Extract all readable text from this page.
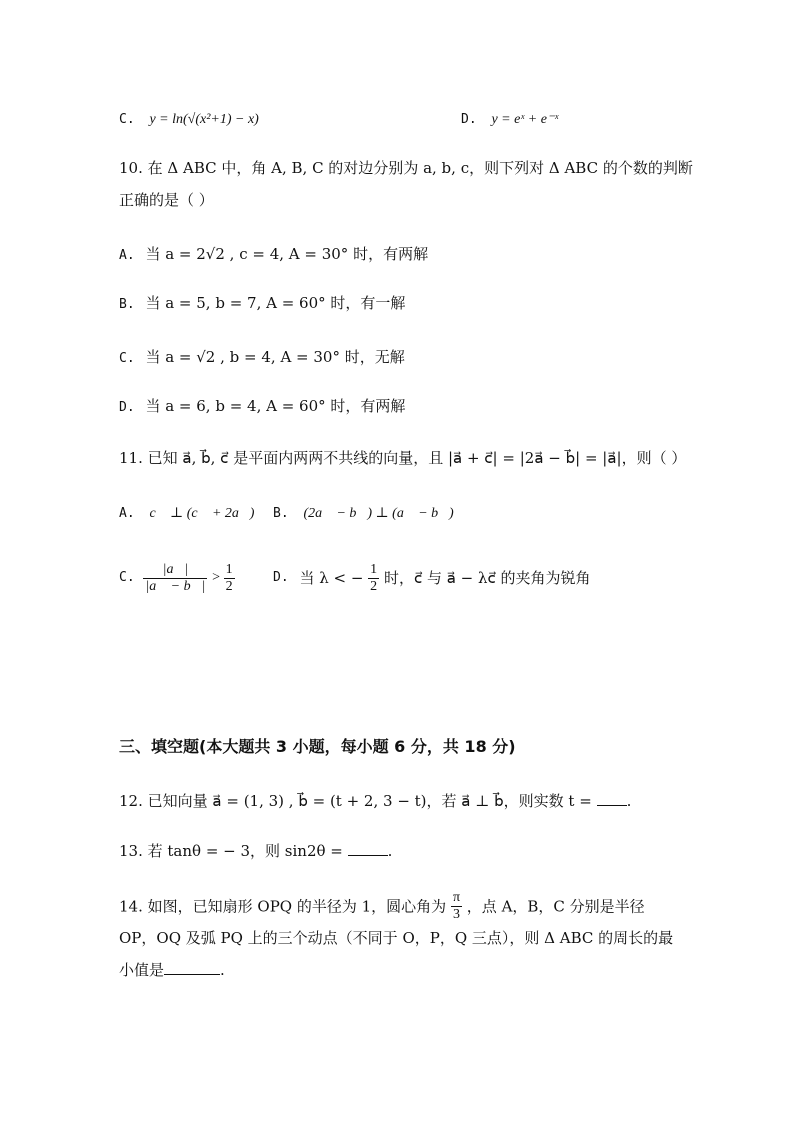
C. y = ln(√(x²+1) − x)	D. y = eˣ + e⁻ˣ
10. 在 Δ ABC 中，角 A, B, C 的对边分别为 a, b, c，则下列对 Δ ABC 的个数的判断
正确的是（ ）
A. 当 a = 2√2 , c = 4, A = 30° 时，有两解
B. 当 a = 5, b = 7, A = 60° 时，有一解
C. 当 a = √2 , b = 4, A = 30° 时，无解
D. 当 a = 6, b = 4, A = 60° 时，有两解
11. 已知 a⃗, b⃗, c⃗ 是平面内两两不共线的向量，且 |a⃗ + c⃗| = |2a⃗ − b⃗| = |a⃗|，则（ ）
A. c⃗ ⊥ (c⃗ + 2a⃗) B. (2a⃗ − b⃗) ⊥ (a⃗ − b⃗)
C. $\frac{|a⃗|}{|a⃗ - b⃗|} > \frac{1}{2}$	D. 当 λ < − $\frac{1}{2}$ 时，c⃗ 与 a⃗ − λc⃗ 的夹角为锐角
三、填空题(本大题共 3 小题，每小题 6 分，共 18 分)
12. 已知向量 a⃗ = (1, 3) , b⃗ = (t + 2, 3 − t)，若 a⃗ ⊥ b⃗，则实数 t = .
13. 若 tanθ = − 3，则 sin2θ =	.
14. 如图，已知扇形 OPQ 的半径为 1，圆心角为 $\frac{\pi}{3}$ ，点 A，B，C 分别是半径
OP，OQ 及弧 PQ 上的三个动点（不同于 O，P，Q 三点），则 Δ ABC 的周长的最
小值是	.
